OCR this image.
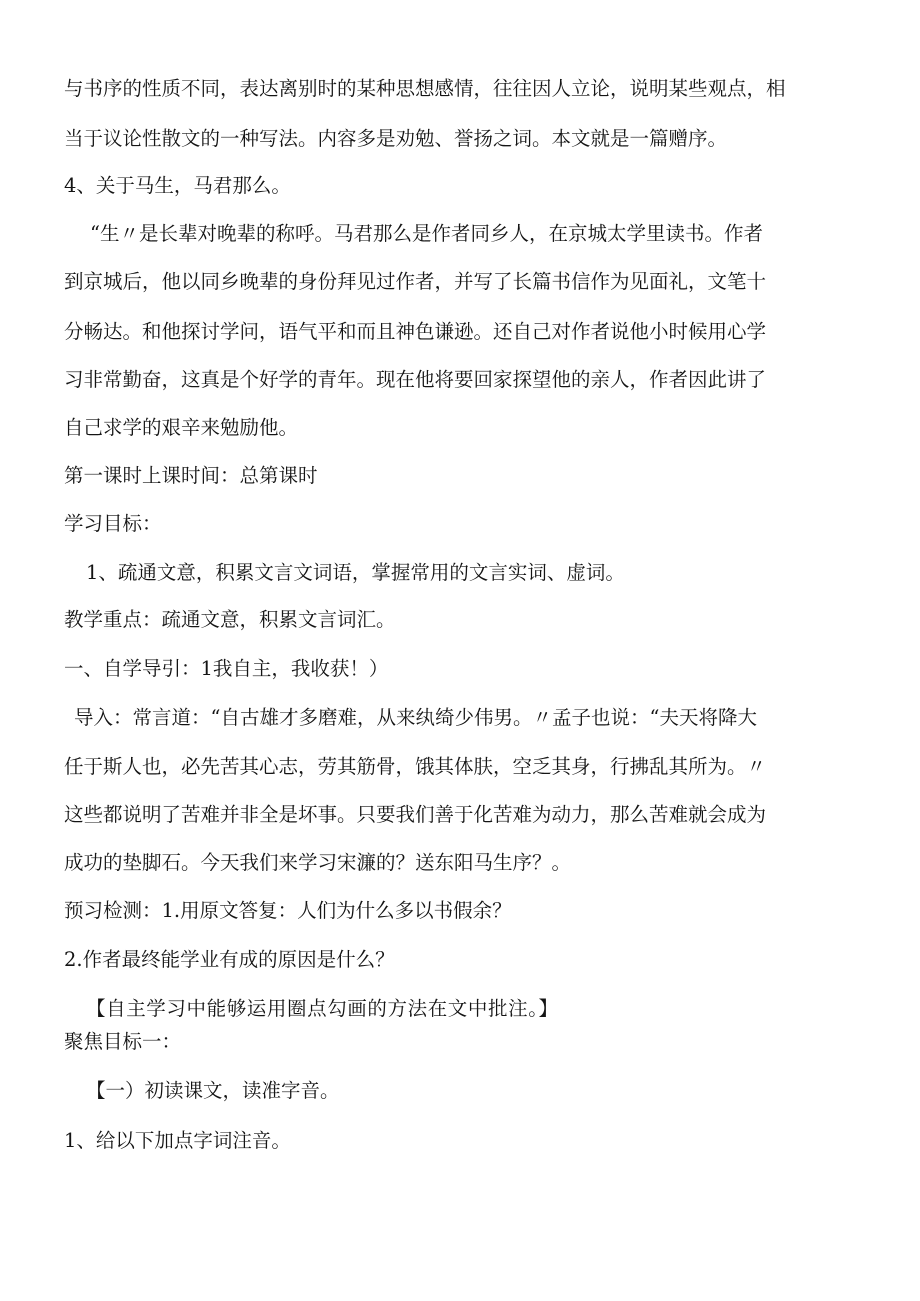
与书序的性质不同，表达离别时的某种思想感情，往往因人立论，说明某些观点，相

当于议论性散文的一种写法。内容多是劝勉、誉扬之词。本文就是一篇赠序。

4、关于马生，马君那么。

“生〃是长辈对晚辈的称呼。马君那么是作者同乡人，在京城太学里读书。作者

到京城后，他以同乡晚辈的身份拜见过作者，并写了长篇书信作为见面礼，文笔十

分畅达。和他探讨学问，语气平和而且神色谦逊。还自己对作者说他小时候用心学

习非常勤奋，这真是个好学的青年。现在他将要回家探望他的亲人，作者因此讲了

自己求学的艰辛来勉励他。

第一课时上课时间：总第课时

学习目标：

1、疏通文意，积累文言文词语，掌握常用的文言实词、虚词。

教学重点：疏通文意，积累文言词汇。

一、自学导引：1我自主，我收获！）

导入：常言道：“自古雄才多磨难，从来纨绮少伟男。〃孟子也说：“夫天将降大

任于斯人也，必先苦其心志，劳其筋骨，饿其体肤，空乏其身，行拂乱其所为。〃

这些都说明了苦难并非全是坏事。只要我们善于化苦难为动力，那么苦难就会成为

成功的垫脚石。今天我们来学习宋濂的？送东阳马生序？。

预习检测：1.用原文答复：人们为什么多以书假余？

2.作者最终能学业有成的原因是什么？

【自主学习中能够运用圈点勾画的方法在文中批注。】

聚焦目标一：

【一）初读课文，读准字音。

1、给以下加点字词注音。
